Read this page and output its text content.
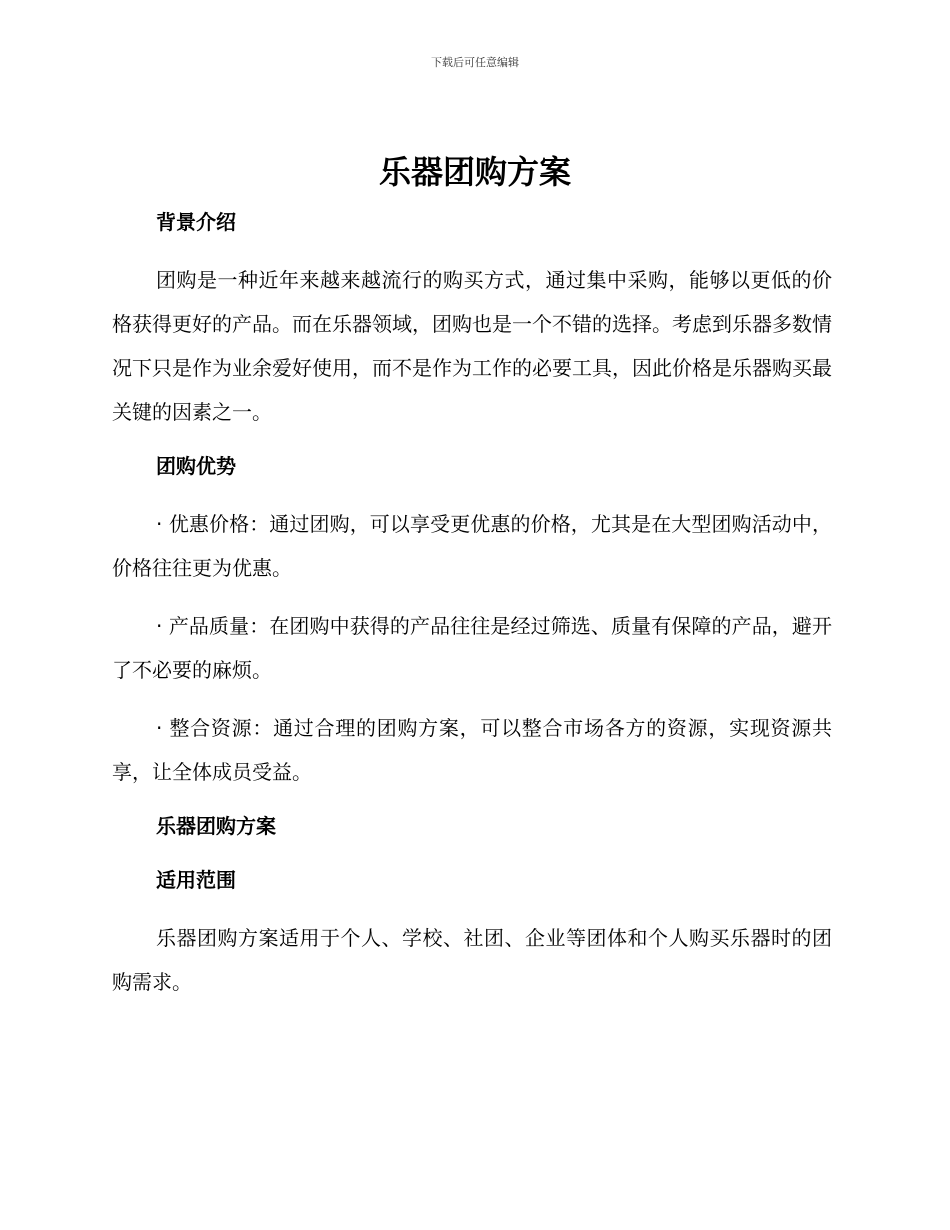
下载后可任意编辑
乐器团购方案
背景介绍

团购是一种近年来越来越流行的购买方式，通过集中采购，能够以更低的价格获得更好的产品。而在乐器领域，团购也是一个不错的选择。考虑到乐器多数情况下只是作为业余爱好使用，而不是作为工作的必要工具，因此价格是乐器购买最关键的因素之一。

团购优势

· 优惠价格：通过团购，可以享受更优惠的价格，尤其是在大型团购活动中，价格往往更为优惠。

· 产品质量：在团购中获得的产品往往是经过筛选、质量有保障的产品，避开了不必要的麻烦。

· 整合资源：通过合理的团购方案，可以整合市场各方的资源，实现资源共享，让全体成员受益。

乐器团购方案
适用范围

乐器团购方案适用于个人、学校、社团、企业等团体和个人购买乐器时的团购需求。
